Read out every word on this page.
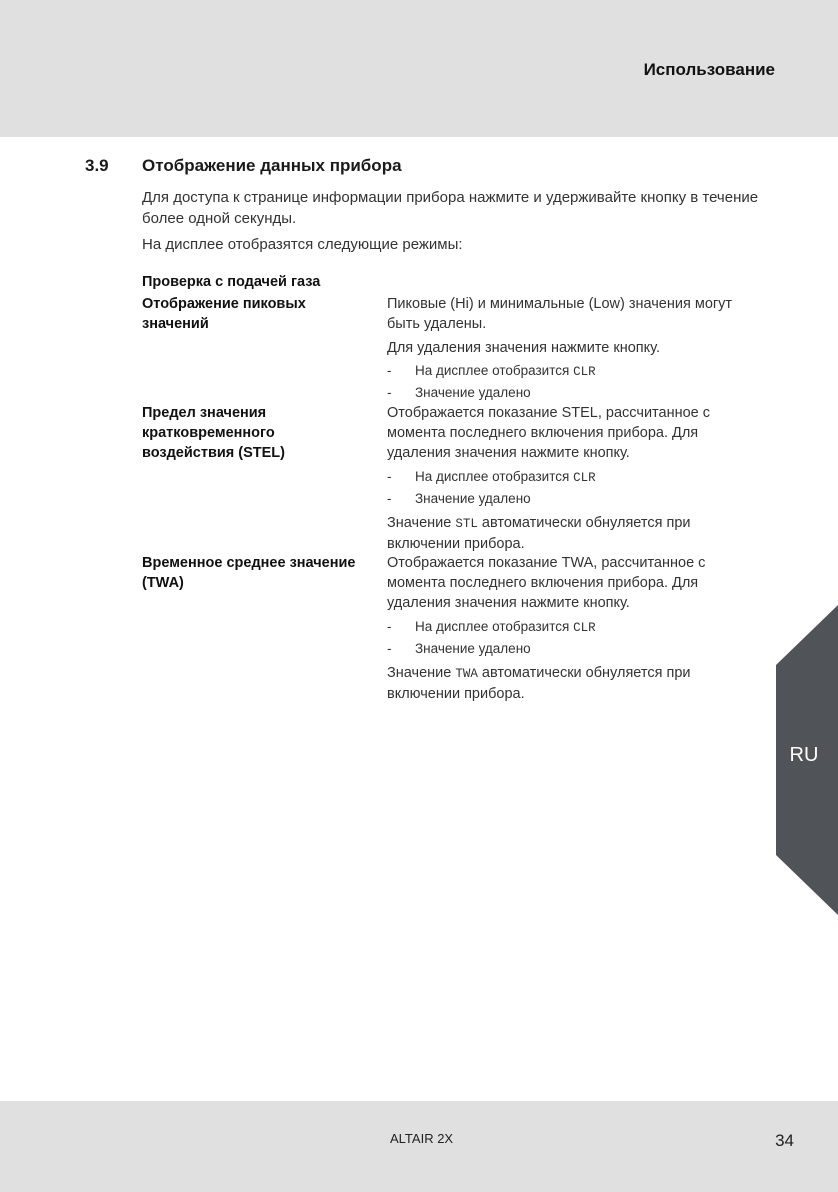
Использование
3.9 Отображение данных прибора
Для доступа к странице информации прибора нажмите и удерживайте кнопку в течение более одной секунды.
На дисплее отобразятся следующие режимы:
Проверка с подачей газа
Отображение пиковых
значений
Пиковые (Hi) и минимальные (Low) значения могут
быть удалены.
Для удаления значения нажмите кнопку.
- На дисплее отобразится CLR
- Значение удалено
Предел значения
кратковременного
воздействия (STEL)
Отображается показание STEL, рассчитанное с
момента последнего включения прибора. Для
удаления значения нажмите кнопку.
- На дисплее отобразится CLR
- Значение удалено
Значение STL автоматически обнуляется при
включении прибора.
Временное среднее значение
(TWA)
Отображается показание TWA, рассчитанное с
момента последнего включения прибора. Для
удаления значения нажмите кнопку.
- На дисплее отобразится CLR
- Значение удалено
Значение TWA автоматически обнуляется при
включении прибора.
RU
ALTAIR 2X	34
